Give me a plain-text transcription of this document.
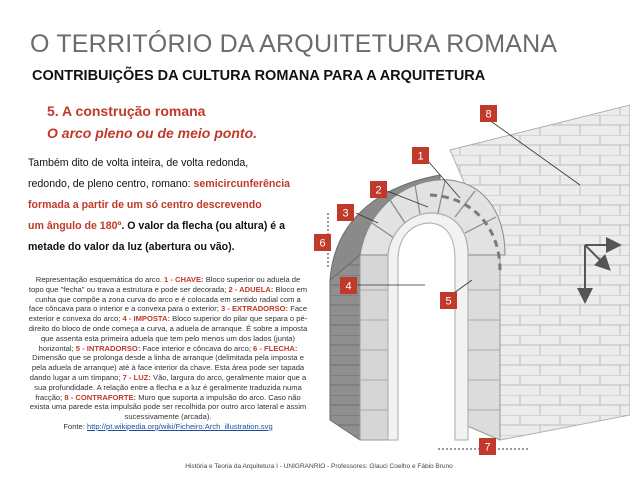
O TERRITÓRIO DA ARQUITETURA ROMANA
CONTRIBUIÇÕES DA CULTURA ROMANA PARA A ARQUITETURA
5. A construção romana
O arco pleno ou de meio ponto.
Também dito de volta inteira, de volta redonda,
redondo, de pleno centro, romano: semicircunferência
formada a partir de um só centro descrevendo
um ângulo de 180º. O valor da flecha (ou altura) é a
metade do valor da luz (abertura ou vão).
Representação esquemática do arco. 1 - CHAVE: Bloco superior ou aduela de topo que "fecha" ou trava a estrutura e pode ser decorada; 2 - ADUELA: Bloco em cunha que compõe a zona curva do arco e é colocada em sentido radial com a face côncava para o interior e a convexa para o exterior; 3 - EXTRADORSO: Face exterior e convexa do arco; 4 - IMPOSTA: Bloco superior do pilar que separa o pé-direito do bloco de onde começa a curva, a aduela de arranque. É sobre a imposta que assenta esta primeira aduela que tem pelo menos um dos lados (junta) horizontal; 5 - INTRADORSO: Face interior e côncava do arco; 6 - FLECHA: Dimensão que se prolonga desde a linha de arranque (delimitada pela imposta e pela aduela de arranque) até à face interior da chave. Esta área pode ser tapada dando lugar a um tímpano; 7 - LUZ: Vão, largura do arco, geralmente maior que a sua profundidade. A relação entre a flecha e a luz é geralmente traduzida numa fracção; 8 - CONTRAFORTE: Muro que suporta a impulsão do arco. Caso não exista uma parede esta impulsão pode ser recolhida por outro arco lateral e assim sucessivamente (arcada).
Fonte: http://pt.wikipedia.org/wiki/Ficheiro:Arch_illustration.svg
1
2
3
4
5
6
7
8
História e Teoria da Arquitetura I - UNIGRANRIO - Professores: Glauci Coelho e Fábio Bruno
